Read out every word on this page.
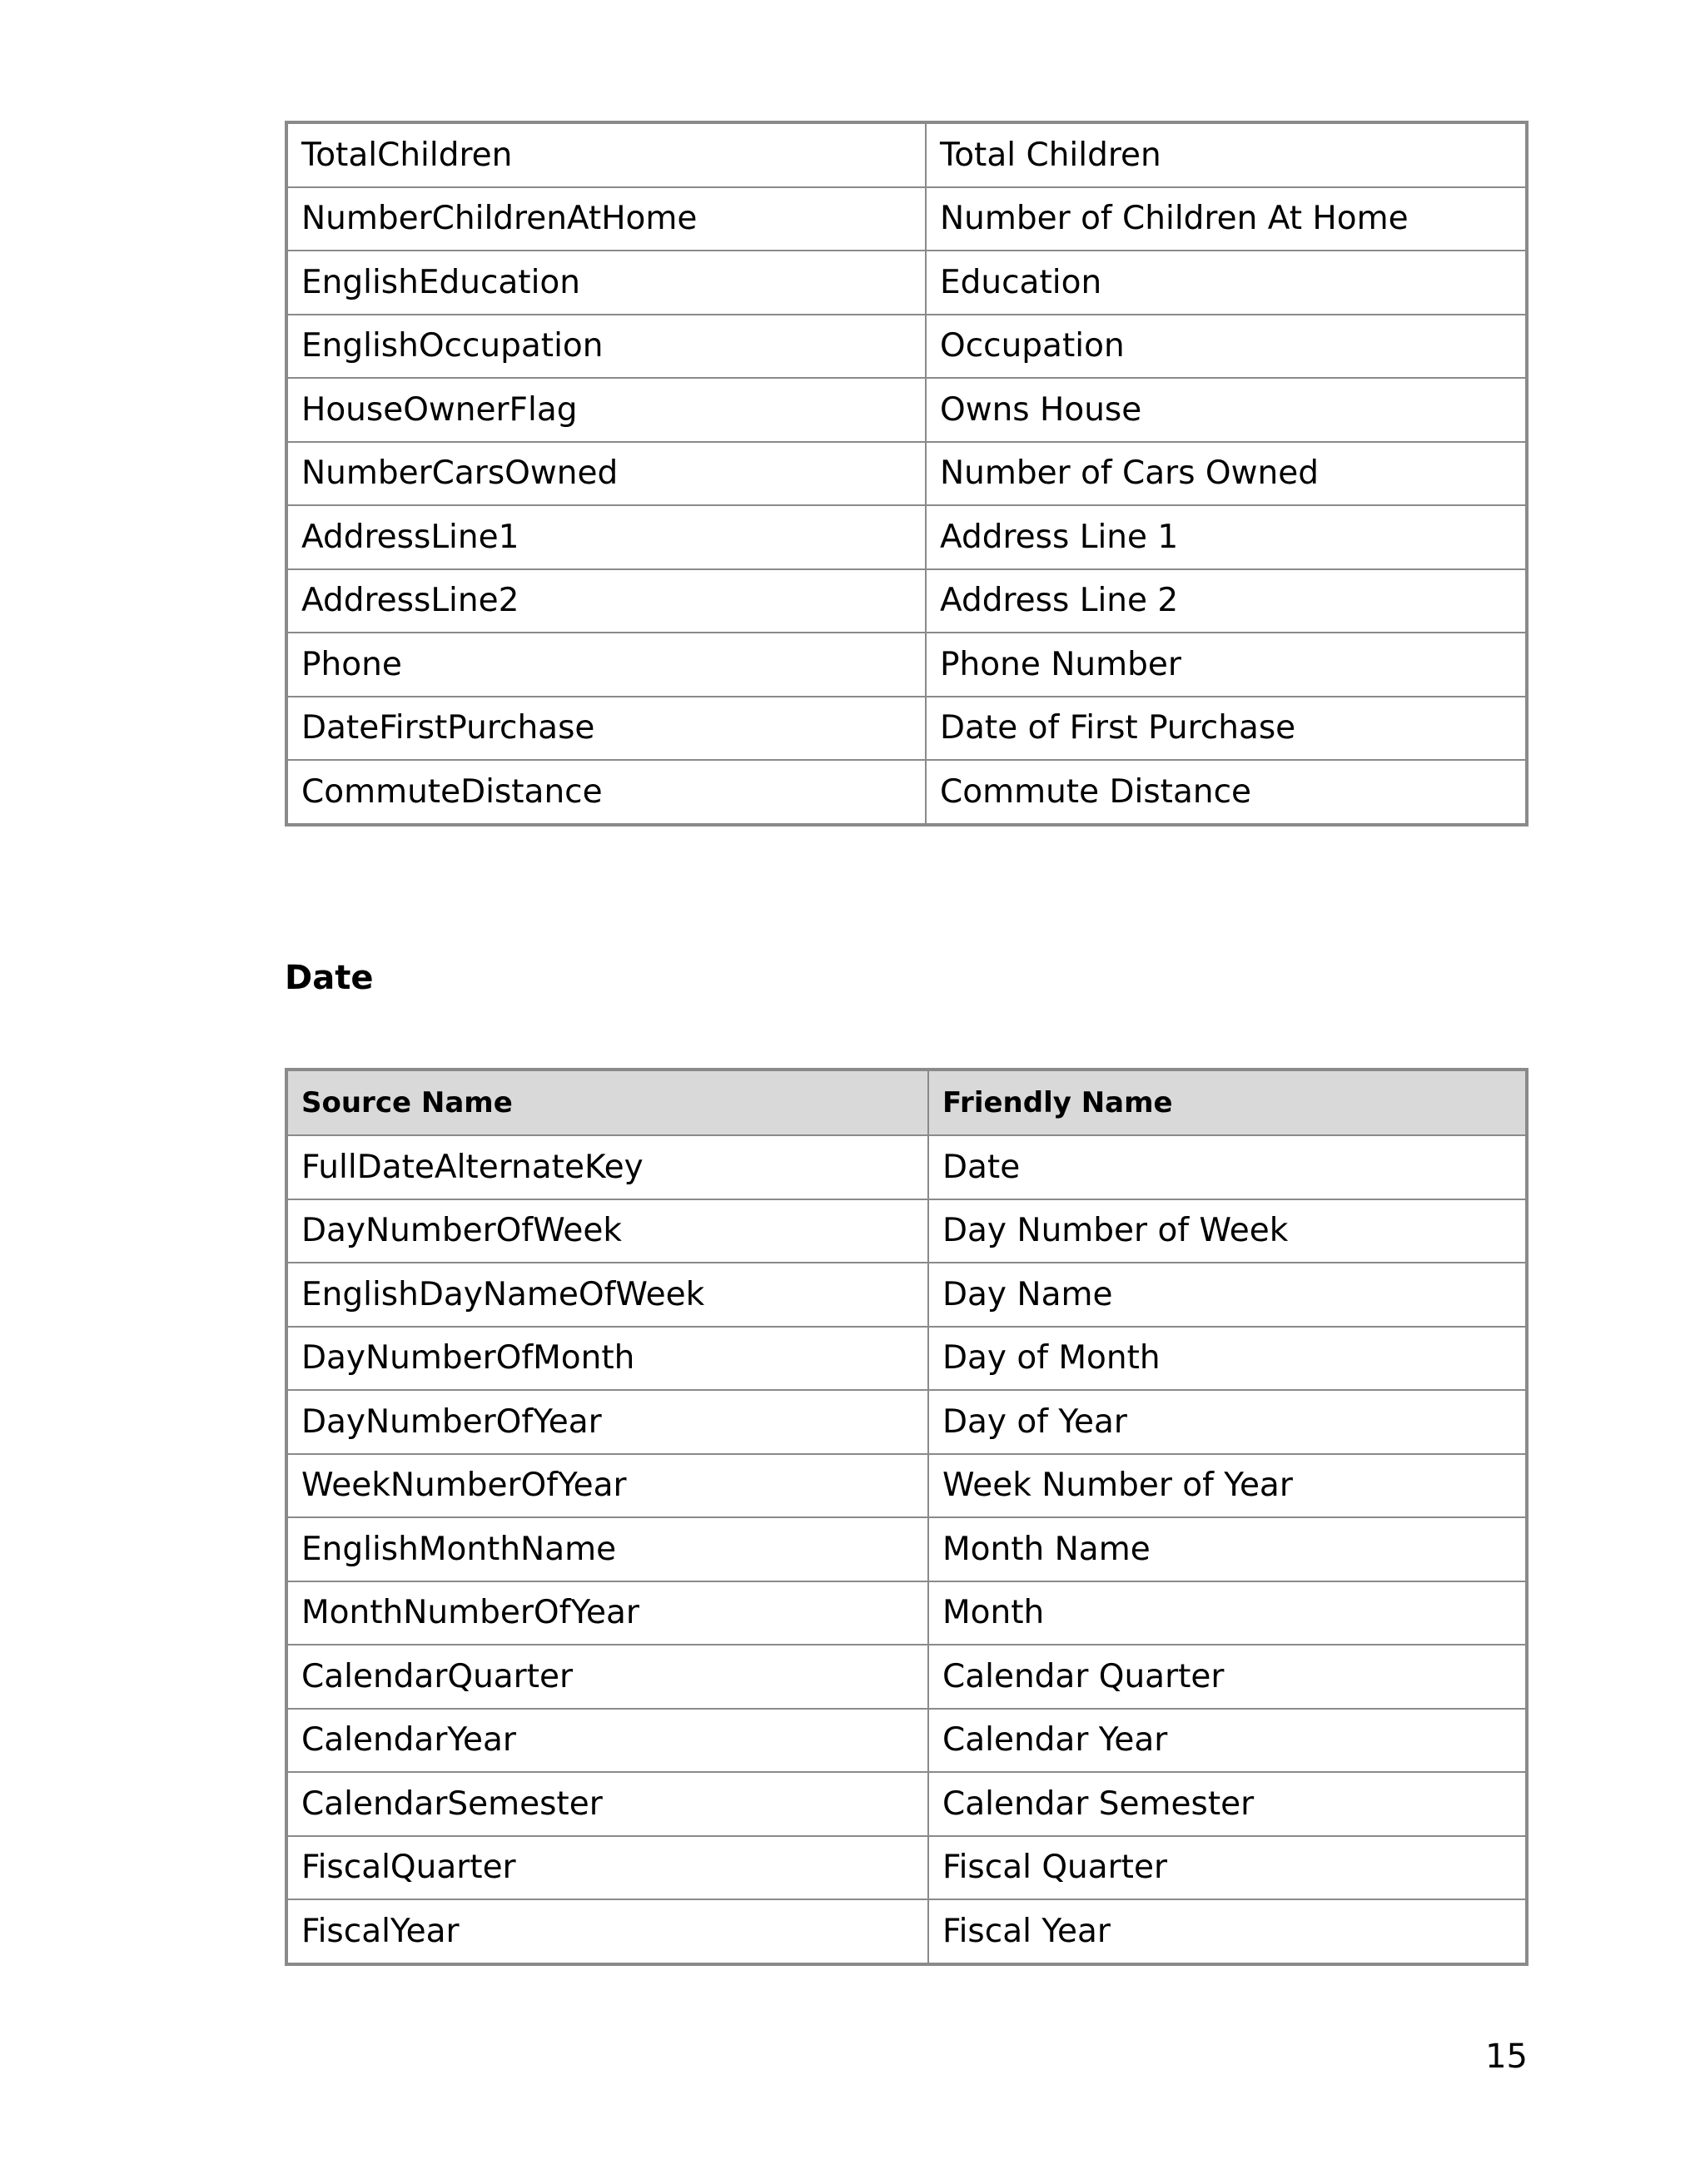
TotalChildren	Total Children
NumberChildrenAtHome	Number of Children At Home
EnglishEducation	Education
EnglishOccupation	Occupation
HouseOwnerFlag	Owns House
NumberCarsOwned	Number of Cars Owned
AddressLine1	Address Line 1
AddressLine2	Address Line 2
Phone	Phone Number
DateFirstPurchase	Date of First Purchase
CommuteDistance	Commute Distance
Date
Source Name	Friendly Name
FullDateAlternateKey	Date
DayNumberOfWeek	Day Number of Week
EnglishDayNameOfWeek	Day Name
DayNumberOfMonth	Day of Month
DayNumberOfYear	Day of Year
WeekNumberOfYear	Week Number of Year
EnglishMonthName	Month Name
MonthNumberOfYear	Month
CalendarQuarter	Calendar Quarter
CalendarYear	Calendar Year
CalendarSemester	Calendar Semester
FiscalQuarter	Fiscal Quarter
FiscalYear	Fiscal Year
15
